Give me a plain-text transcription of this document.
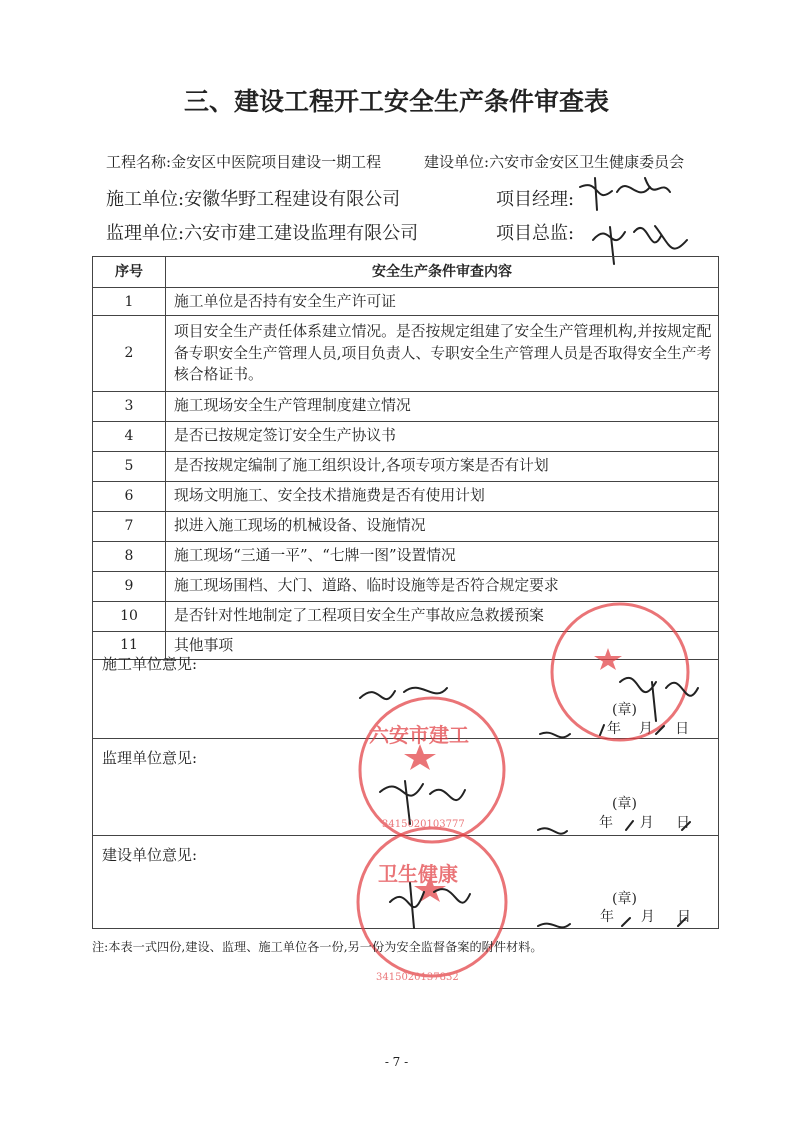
三、建设工程开工安全生产条件审查表
工程名称:金安区中医院项目建设一期工程	建设单位:六安市金安区卫生健康委员会
施工单位:安徽华野工程建设有限公司	项目经理:
监理单位:六安市建工建设监理有限公司	项目总监:
序号	安全生产条件审查内容
1	施工单位是否持有安全生产许可证
2	项目安全生产责任体系建立情况。是否按规定组建了安全生产管理机构,并按规定配备专职安全生产管理人员,项目负责人、专职安全生产管理人员是否取得安全生产考核合格证书。
3	施工现场安全生产管理制度建立情况
4	是否已按规定签订安全生产协议书
5	是否按规定编制了施工组织设计,各项专项方案是否有计划
6	现场文明施工、安全技术措施费是否有使用计划
7	拟进入施工现场的机械设备、设施情况
8	施工现场“三通一平”、“七牌一图”设置情况
9	施工现场围档、大门、道路、临时设施等是否符合规定要求
10	是否针对性地制定了工程项目安全生产事故应急救援预案
11	其他事项
施工单位意见:
(章)
年 月 日
监理单位意见:
(章)
年 月 日
建设单位意见:
(章)
年 月 日
六安市建工
3415020103777
卫生健康
3415020137832
注:本表一式四份,建设、监理、施工单位各一份,另一份为安全监督备案的附件材料。
- 7 -
